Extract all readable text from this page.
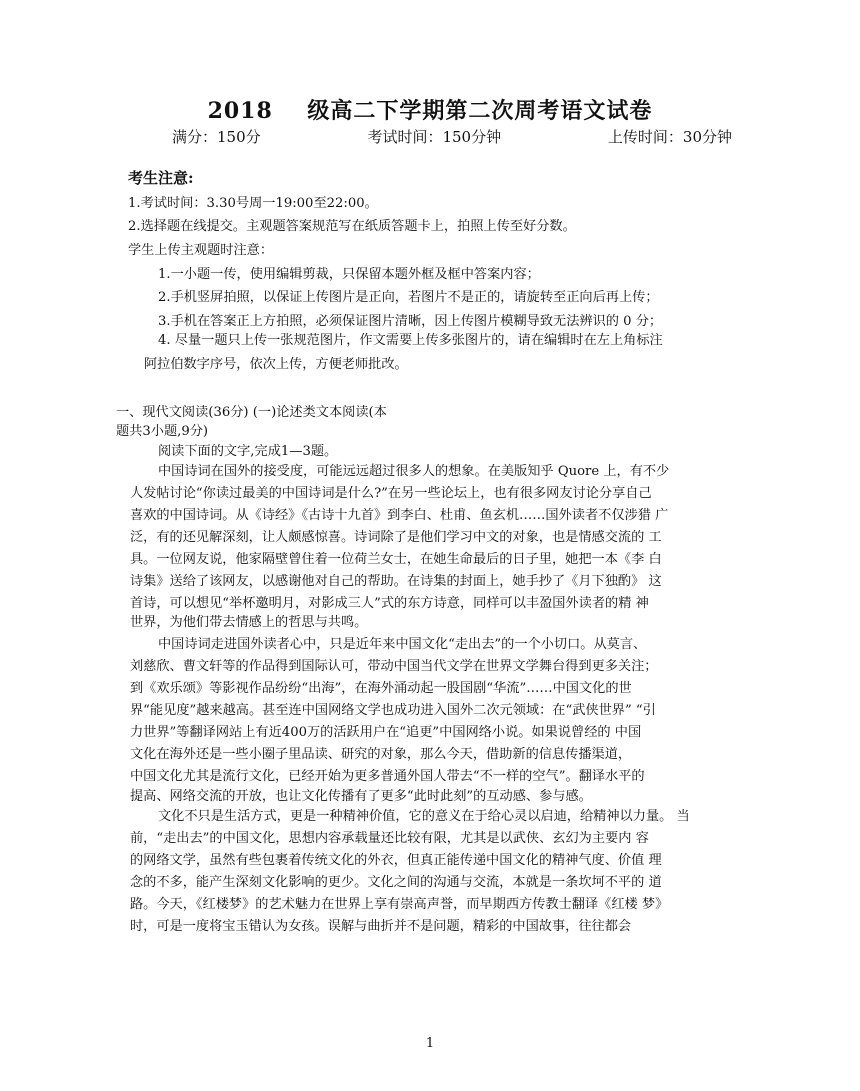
2018    级高二下学期第二次周考语文试卷
满分：150分	考试时间：150分钟	上传时间：30分钟
考生注意:
1.考试时间：3.30号周一19:00至22:00。
2.选择题在线提交。主观题答案规范写在纸质答题卡上，拍照上传至好分数。
学生上传主观题时注意：
1.一小题一传，使用编辑剪裁，只保留本题外框及框中答案内容；
2.手机竖屏拍照，以保证上传图片是正向，若图片不是正的，请旋转至正向后再上传；
3.手机在答案正上方拍照，必须保证图片清晰，因上传图片模糊导致无法辨识的 0 分；
4. 尽量一题只上传一张规范图片，作文需要上传多张图片的，请在编辑时在左上角标注
阿拉伯数字序号，依次上传，方便老师批改。
一、现代文阅读(36分) (一)论述类文本阅读(本
题共3小题,9分)
阅读下面的文字,完成1—3题。
中国诗词在国外的接受度，可能远远超过很多人的想象。在美版知乎 Quore 上，有不少
人发帖讨论“你读过最美的中国诗词是什么?”在另一些论坛上，也有很多网友讨论分享自己
喜欢的中国诗词。从《诗经》《古诗十九首》到李白、杜甫、鱼玄机……国外读者不仅涉猎 广
泛，有的还见解深刻，让人颇感惊喜。诗词除了是他们学习中文的对象，也是情感交流的 工
具。一位网友说，他家隔壁曾住着一位荷兰女士，在她生命最后的日子里，她把一本《李 白
诗集》送给了该网友，以感谢他对自己的帮助。在诗集的封面上，她手抄了《月下独酌》 这
首诗，可以想见“举杯邀明月，对影成三人”式的东方诗意，同样可以丰盈国外读者的精 神
世界，为他们带去情感上的哲思与共鸣。
中国诗词走进国外读者心中，只是近年来中国文化“走出去”的一个小切口。从莫言、
刘慈欣、曹文轩等的作品得到国际认可，带动中国当代文学在世界文学舞台得到更多关注；
到《欢乐颂》等影视作品纷纷“出海”，在海外涌动起一股国剧“华流”……中国文化的世
界“能见度”越来越高。甚至连中国网络文学也成功进入国外二次元领域：在“武侠世界” “引
力世界”等翻译网站上有近400万的活跃用户在“追更”中国网络小说。如果说曾经的 中国
文化在海外还是一些小圈子里品读、研究的对象，那么今天，借助新的信息传播渠道，
中国文化尤其是流行文化，已经开始为更多普通外国人带去“不一样的空气”。翻译水平的
提高、网络交流的开放，也让文化传播有了更多“此时此刻”的互动感、参与感。
文化不只是生活方式，更是一种精神价值，它的意义在于给心灵以启迪，给精神以力量。 当
前，“走出去”的中国文化，思想内容承载量还比较有限，尤其是以武侠、玄幻为主要内 容
的网络文学，虽然有些包裹着传统文化的外衣，但真正能传递中国文化的精神气度、价值 理
念的不多，能产生深刻文化影响的更少。文化之间的沟通与交流，本就是一条坎坷不平的 道
路。今天，《红楼梦》的艺术魅力在世界上享有崇高声誉，而早期西方传教士翻译《红楼 梦》
时，可是一度将宝玉错认为女孩。误解与曲折并不是问题，精彩的中国故事，往往都会
1
